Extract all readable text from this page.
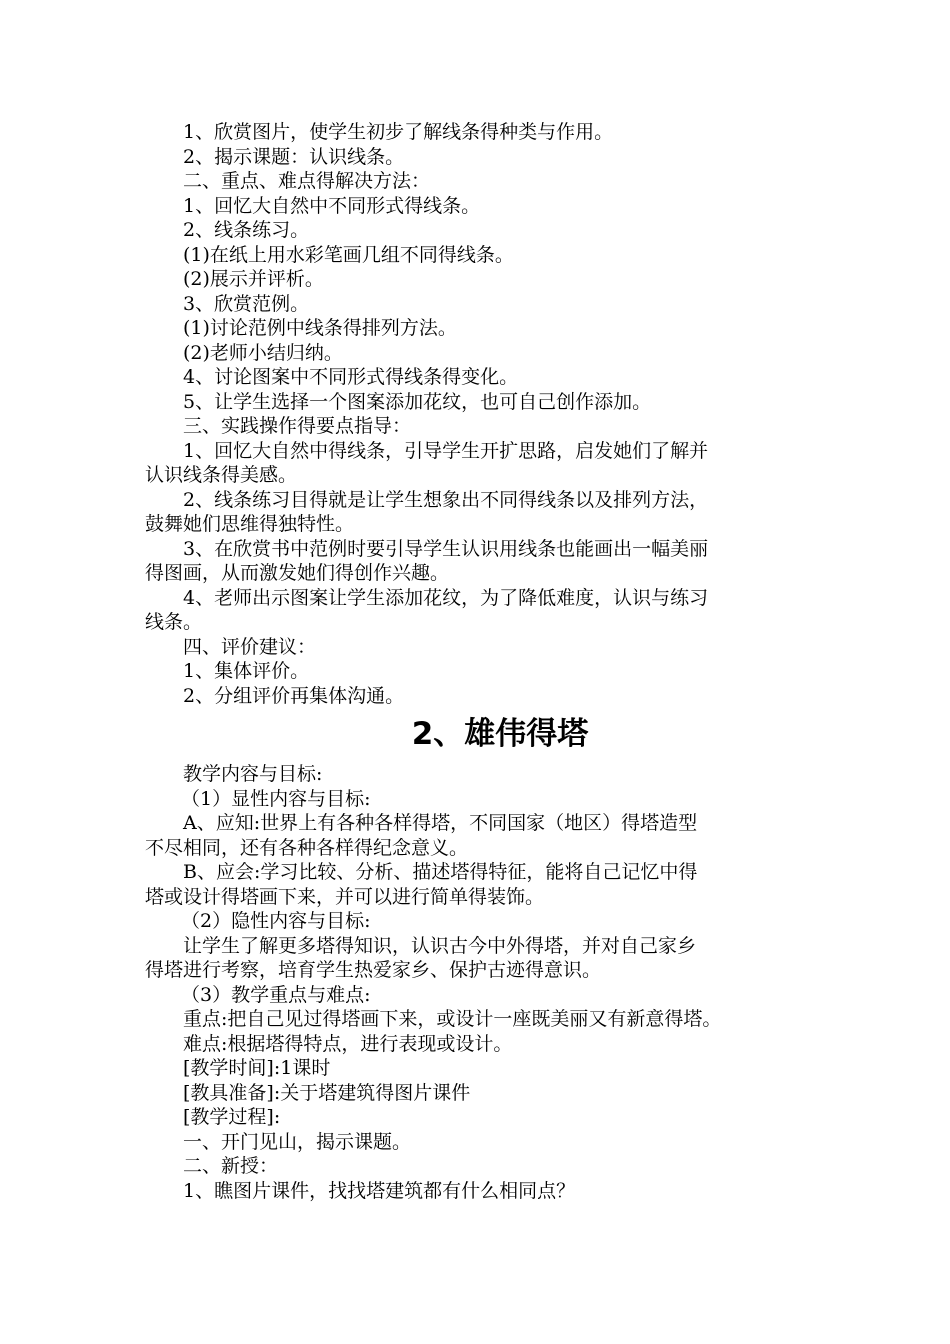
1、欣赏图片，使学生初步了解线条得种类与作用。

2、揭示课题：认识线条。

二、重点、难点得解决方法：

1、回忆大自然中不同形式得线条。

2、线条练习。

(1)在纸上用水彩笔画几组不同得线条。

(2)展示并评析。

3、欣赏范例。

(1)讨论范例中线条得排列方法。

(2)老师小结归纳。

4、讨论图案中不同形式得线条得变化。

5、让学生选择一个图案添加花纹，也可自己创作添加。

三、实践操作得要点指导：

1、回忆大自然中得线条，引导学生开扩思路，启发她们了解并

认识线条得美感。

2、线条练习目得就是让学生想象出不同得线条以及排列方法，

鼓舞她们思维得独特性。

3、在欣赏书中范例时要引导学生认识用线条也能画出一幅美丽

得图画，从而激发她们得创作兴趣。

4、老师出示图案让学生添加花纹，为了降低难度，认识与练习

线条。

四、评价建议：

1、集体评价。

2、分组评价再集体沟通。

2、雄伟得塔

教学内容与目标:

（1）显性内容与目标:

A、应知:世界上有各种各样得塔，不同国家（地区）得塔造型

不尽相同，还有各种各样得纪念意义。

B、应会:学习比较、分析、描述塔得特征，能将自己记忆中得

塔或设计得塔画下来，并可以进行简单得装饰。

（2）隐性内容与目标:

让学生了解更多塔得知识，认识古今中外得塔，并对自己家乡

得塔进行考察，培育学生热爱家乡、保护古迹得意识。

（3）教学重点与难点:

重点:把自己见过得塔画下来，或设计一座既美丽又有新意得塔。

难点:根据塔得特点，进行表现或设计。

[教学时间]:1课时

[教具准备]:关于塔建筑得图片课件

[教学过程]:

一、开门见山，揭示课题。

二、新授：

1、瞧图片课件，找找塔建筑都有什么相同点？
